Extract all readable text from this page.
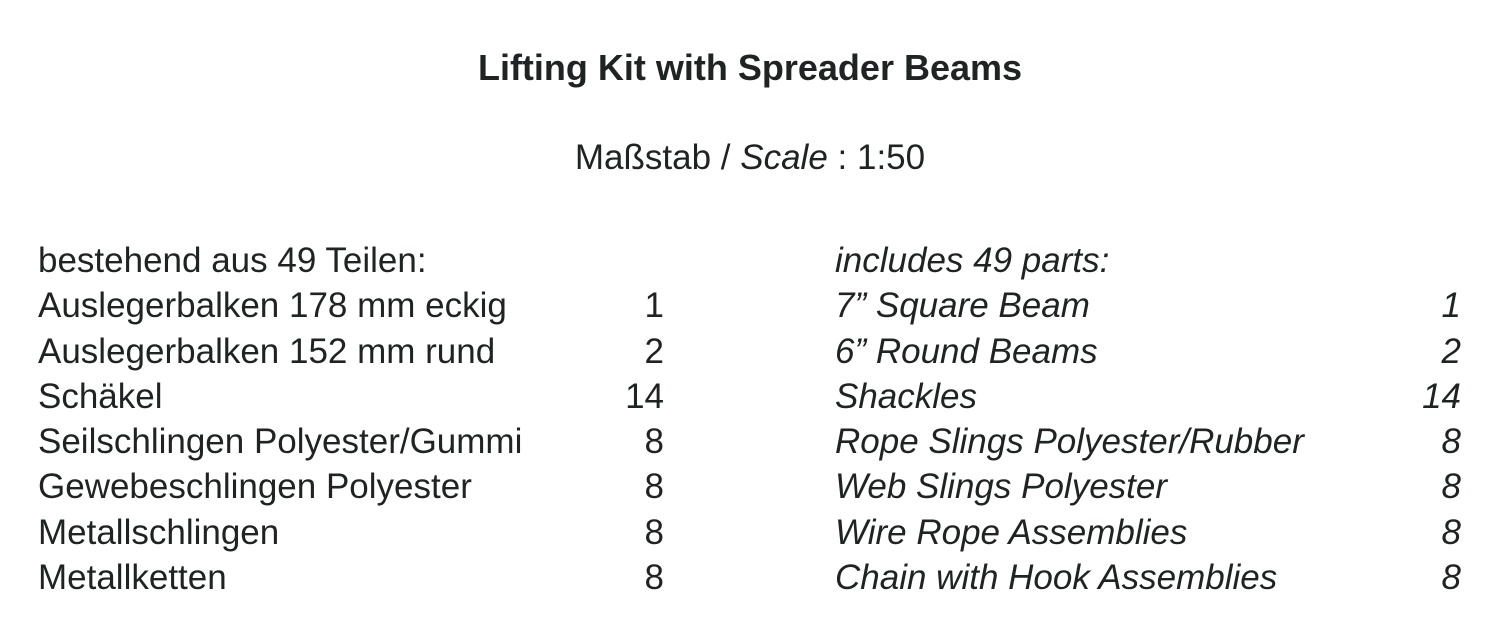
Lifting Kit with Spreader Beams
Maßstab / Scale : 1:50
bestehend aus 49 Teilen:
Auslegerbalken 178 mm eckig	1
Auslegerbalken 152 mm rund	2
Schäkel	14
Seilschlingen Polyester/Gummi	8
Gewebeschlingen Polyester	8
Metallschlingen	8
Metallketten	8
includes 49 parts:
7” Square Beam	1
6” Round Beams	2
Shackles	14
Rope Slings Polyester/Rubber	8
Web Slings Polyester	8
Wire Rope Assemblies	8
Chain with Hook Assemblies	8
